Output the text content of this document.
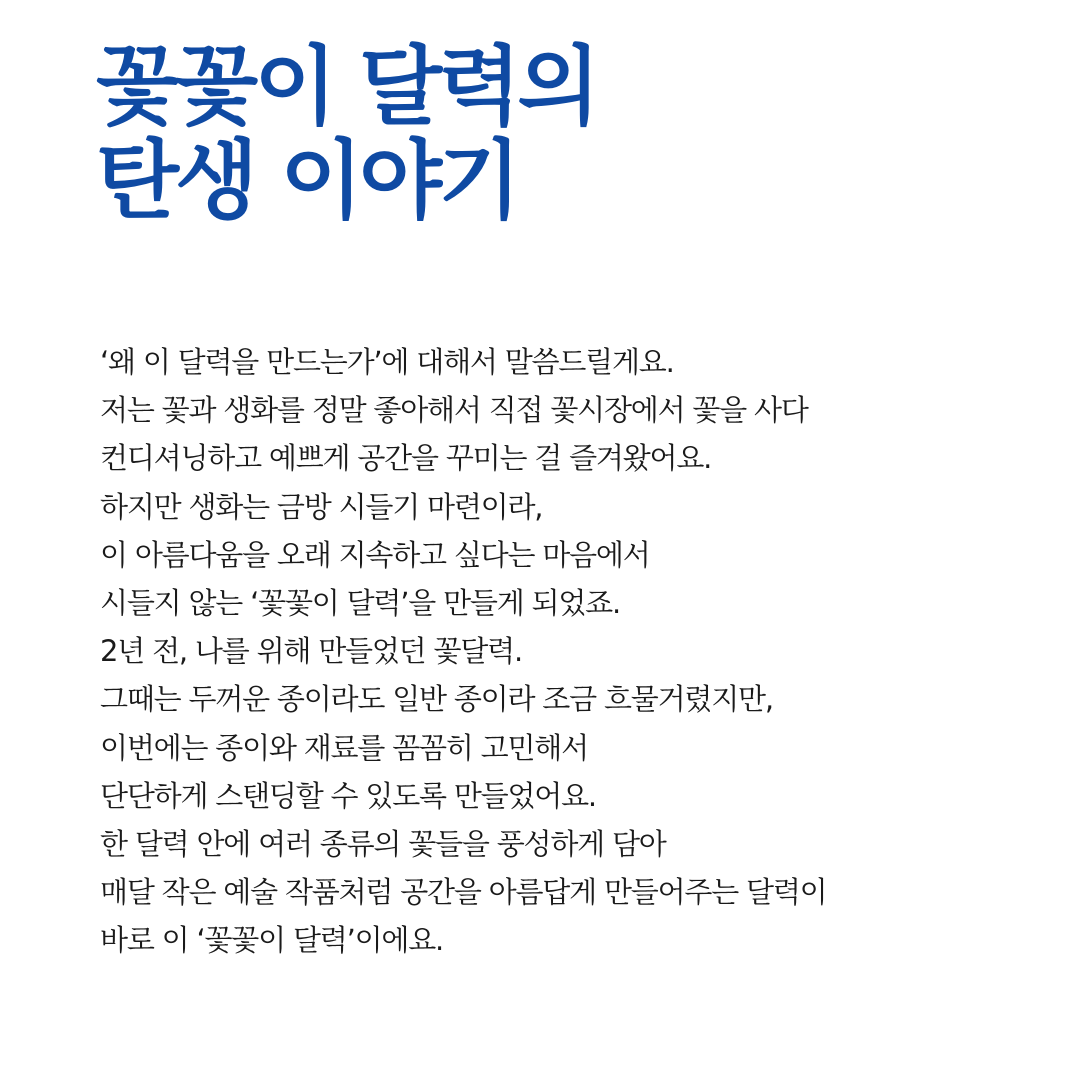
꽃꽃이 달력의
탄생 이야기
‘왜 이 달력을 만드는가’에 대해서 말씀드릴게요.
저는 꽃과 생화를 정말 좋아해서 직접 꽃시장에서 꽃을 사다
컨디셔닝하고 예쁘게 공간을 꾸미는 걸 즐겨왔어요.
하지만 생화는 금방 시들기 마련이라,
이 아름다움을 오래 지속하고 싶다는 마음에서
시들지 않는 ‘꽃꽃이 달력’을 만들게 되었죠.
2년 전, 나를 위해 만들었던 꽃달력.
그때는 두꺼운 종이라도 일반 종이라 조금 흐물거렸지만,
이번에는 종이와 재료를 꼼꼼히 고민해서
단단하게 스탠딩할 수 있도록 만들었어요.
한 달력 안에 여러 종류의 꽃들을 풍성하게 담아
매달 작은 예술 작품처럼 공간을 아름답게 만들어주는 달력이
바로 이 ‘꽃꽃이 달력’이에요.
